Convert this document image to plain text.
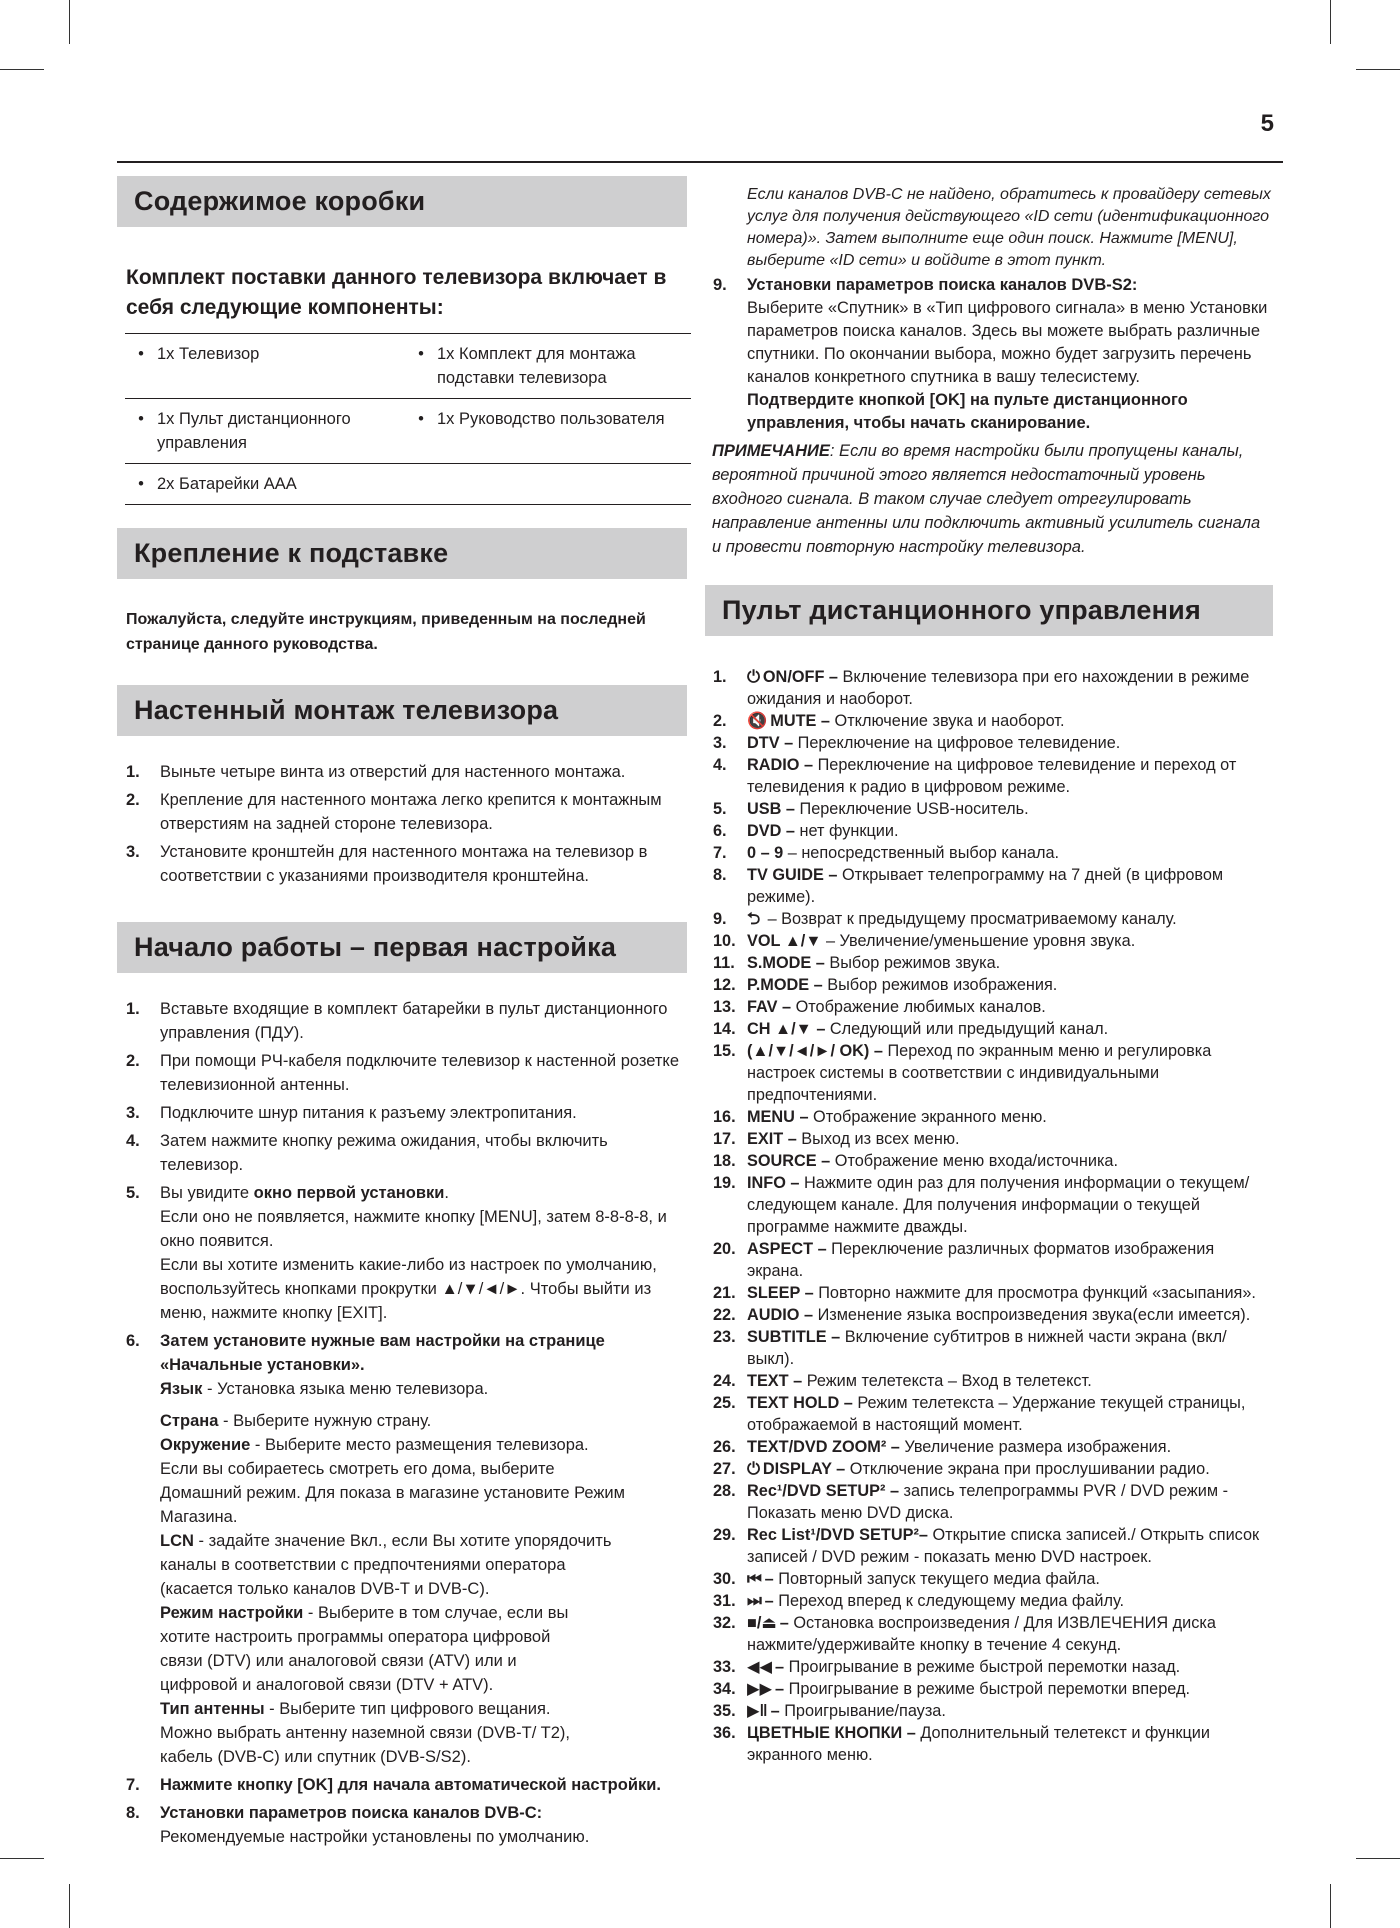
5
Содержимое коробки
Комплект поставки данного телевизора включает в себя следующие компоненты:
• 1x Телевизор	• 1x Комплект для монтажа подставки телевизора

• 1x Пульт дистанционного управления	• 1x Руководство пользователя

• 2x Батарейки AAA	
Крепление к подставке
Пожалуйста, следуйте инструкциям, приведенным на последней странице данного руководства.
Настенный монтаж телевизора
1.	Выньте четыре винта из отверстий для настенного монтажа.
2.	Крепление для настенного монтажа легко крепится к монтажным отверстиям на задней стороне телевизора.
3.	Установите кронштейн для настенного монтажа на телевизор в соответствии с указаниями производителя кронштейна.
Начало работы – первая настройка
1.	Вставьте входящие в комплект батарейки в пульт дистанционного управления (ПДУ).
2.	При помощи РЧ-кабеля подключите телевизор к настенной розетке телевизионной антенны.
3.	Подключите шнур питания к разъему электропитания.
4.	Затем нажмите кнопку режима ожидания, чтобы включить телевизор.
5.	Вы увидите окно первой установки.
Если оно не появляется, нажмите кнопку [MENU], затем 8-8-8-8, и окно появится.
Если вы хотите изменить какие-либо из настроек по умолчанию, воспользуйтесь кнопками прокрутки ▲/▼/◄/►. Чтобы выйти из меню, нажмите кнопку [EXIT].
6.	Затем установите нужные вам настройки на странице «Начальные установки».
Язык - Установка языка меню телевизора.
Страна - Выберите нужную страну.

Окружение - Выберите место размещения телевизора. Если вы собираетесь смотреть его дома, выберите Домашний режим. Для показа в магазине установите Режим Магазина.
LCN - задайте значение Вкл., если Вы хотите упорядочить каналы в соответствии с предпочтениями оператора (касается только каналов DVB-T и DVB-C).
Режим настройки - Выберите в том случае, если вы хотите настроить программы оператора цифровой связи (DTV) или аналоговой связи (ATV) или и цифровой и аналоговой связи (DTV + ATV).
Тип антенны - Выберите тип цифрового вещания. Можно выбрать антенну наземной связи (DVB-T/ T2), кабель (DVB-C) или спутник (DVB-S/S2).
7.	Нажмите кнопку [OK] для начала автоматической настройки.
8.	Установки параметров поиска каналов DVB-C:
Рекомендуемые настройки установлены по умолчанию.
Если каналов DVB-C не найдено, обратитесь к провайдеру сетевых услуг для получения действующего «ID сети (идентификационного номера)». Затем выполните еще один поиск. Нажмите [MENU], выберите «ID сети» и войдите в этот пункт.
9.	Установки параметров поиска каналов DVB-S2:
Выберите «Спутник» в «Тип цифрового сигнала» в меню Установки параметров поиска каналов. Здесь вы можете выбрать различные спутники. По окончании выбора, можно будет загрузить перечень каналов конкретного спутника в вашу телесистему.
Подтвердите кнопкой [OK] на пульте дистанционного управления, чтобы начать сканирование.
ПРИМЕЧАНИЕ: Если во время настройки были пропущены каналы, вероятной причиной этого является недостаточный уровень входного сигнала. В таком случае следует отрегулировать направление антенны или подключить активный усилитель сигнала и провести повторную настройку телевизора.
Пульт дистанционного управления
1.	⏻ ON/OFF – Включение телевизора при его нахождении в режиме ожидания и наоборот.
2.	🔇 MUTE – Отключение звука и наоборот.
3.	DTV – Переключение на цифровое телевидение.
4.	RADIO – Переключение на цифровое телевидение и переход от телевидения к радио в цифровом режиме.
5.	USB – Переключение USB-носитель.
6.	DVD – нет функции.
7.	0 – 9 – непосредственный выбор канала.
8.	TV GUIDE – Открывает телепрограмму на 7 дней (в цифровом режиме).
9.	⮌ – Возврат к предыдущему просматриваемому каналу.
10. VOL ▲/▼ – Увеличение/уменьшение уровня звука.
11. S.MODE – Выбор режимов звука.
12. P.MODE – Выбор режимов изображения.
13. FAV – Отображение любимых каналов.
14. CH ▲/▼ – Следующий или предыдущий канал.
15. (▲/▼/◄/►/ OK) – Переход по экранным меню и регулировка настроек системы в соответствии с индивидуальными предпочтениями.
16. MENU – Отображение экранного меню.
17. EXIT – Выход из всех меню.
18. SOURCE – Отображение меню входа/источника.
19. INFO – Нажмите один раз для получения информации о текущем/ следующем канале. Для получения информации о текущей программе нажмите дважды.
20. ASPECT – Переключение различных форматов изображения экрана.
21. SLEEP – Повторно нажмите для просмотра функций «засыпания».
22. AUDIO – Изменение языка воспроизведения звука(если имеется).
23. SUBTITLE – Включение субтитров в нижней части экрана (вкл/ выкл).
24. TEXT – Режим телетекста – Вход в телетекст.
25. TEXT HOLD – Режим телетекста – Удержание текущей страницы, отображаемой в настоящий момент.
26. TEXT/DVD ZOOM² – Увеличение размера изображения.
27. ⏻ DISPLAY – Отключение экрана при прослушивании радио.
28. Rec¹/DVD SETUP² – запись телепрограммы PVR / DVD режим - Показать меню DVD диска.
29. Rec List¹/DVD SETUP²– Открытие списка записей./ Открыть список записей / DVD режим - показать меню DVD настроек.
30. ⏮ – Повторный запуск текущего медиа файла.
31. ⏭ – Переход вперед к следующему медиа файлу.
32. ■/⏏ – Остановка воспроизведения / Для ИЗВЛЕЧЕНИЯ диска нажмите/удерживайте кнопку в течение 4 секунд.
33. ◀◀ – Проигрывание в режиме быстрой перемотки назад.
34. ▶▶ – Проигрывание в режиме быстрой перемотки вперед.
35. ▶‖ – Проигрывание/пауза.
36. ЦВЕТНЫЕ КНОПКИ – Дополнительный телетекст и функции экранного меню.
